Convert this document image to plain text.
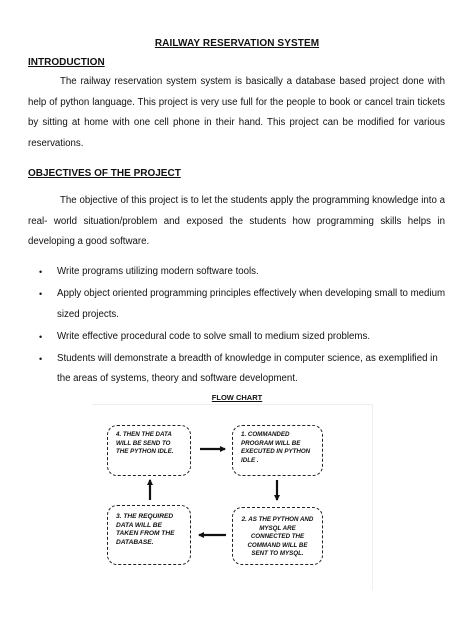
RAILWAY RESERVATION SYSTEM
INTRODUCTION

The railway reservation system system is basically a database based project done with help of python language. This project is very use full for the people to book or cancel train tickets by sitting at home with one cell phone in their hand. This project can be modified for various reservations.

OBJECTIVES OF THE PROJECT

The objective of this project is to let the students apply the programming knowledge into a real- world situation/problem and exposed the students how programming skills helps in developing a good software.

• Write programs utilizing modern software tools.
• Apply object oriented programming principles effectively when developing small to medium sized projects.
• Write effective procedural code to solve small to medium sized problems.
• Students will demonstrate a breadth of knowledge in computer science, as exemplified in the areas of systems, theory and software development.
FLOW CHART
4. THEN THE DATA WILL BE SEND TO THE PYTHON IDLE.
1. COMMANDED PROGRAM WILL BE EXECUTED IN PYTHON IDLE .
2. AS THE PYTHON AND MYSQL ARE CONNECTED THE COMMAND WILL BE SENT TO MYSQL.
3. THE REQUIRED DATA WILL BE TAKEN FROM THE DATABASE.
